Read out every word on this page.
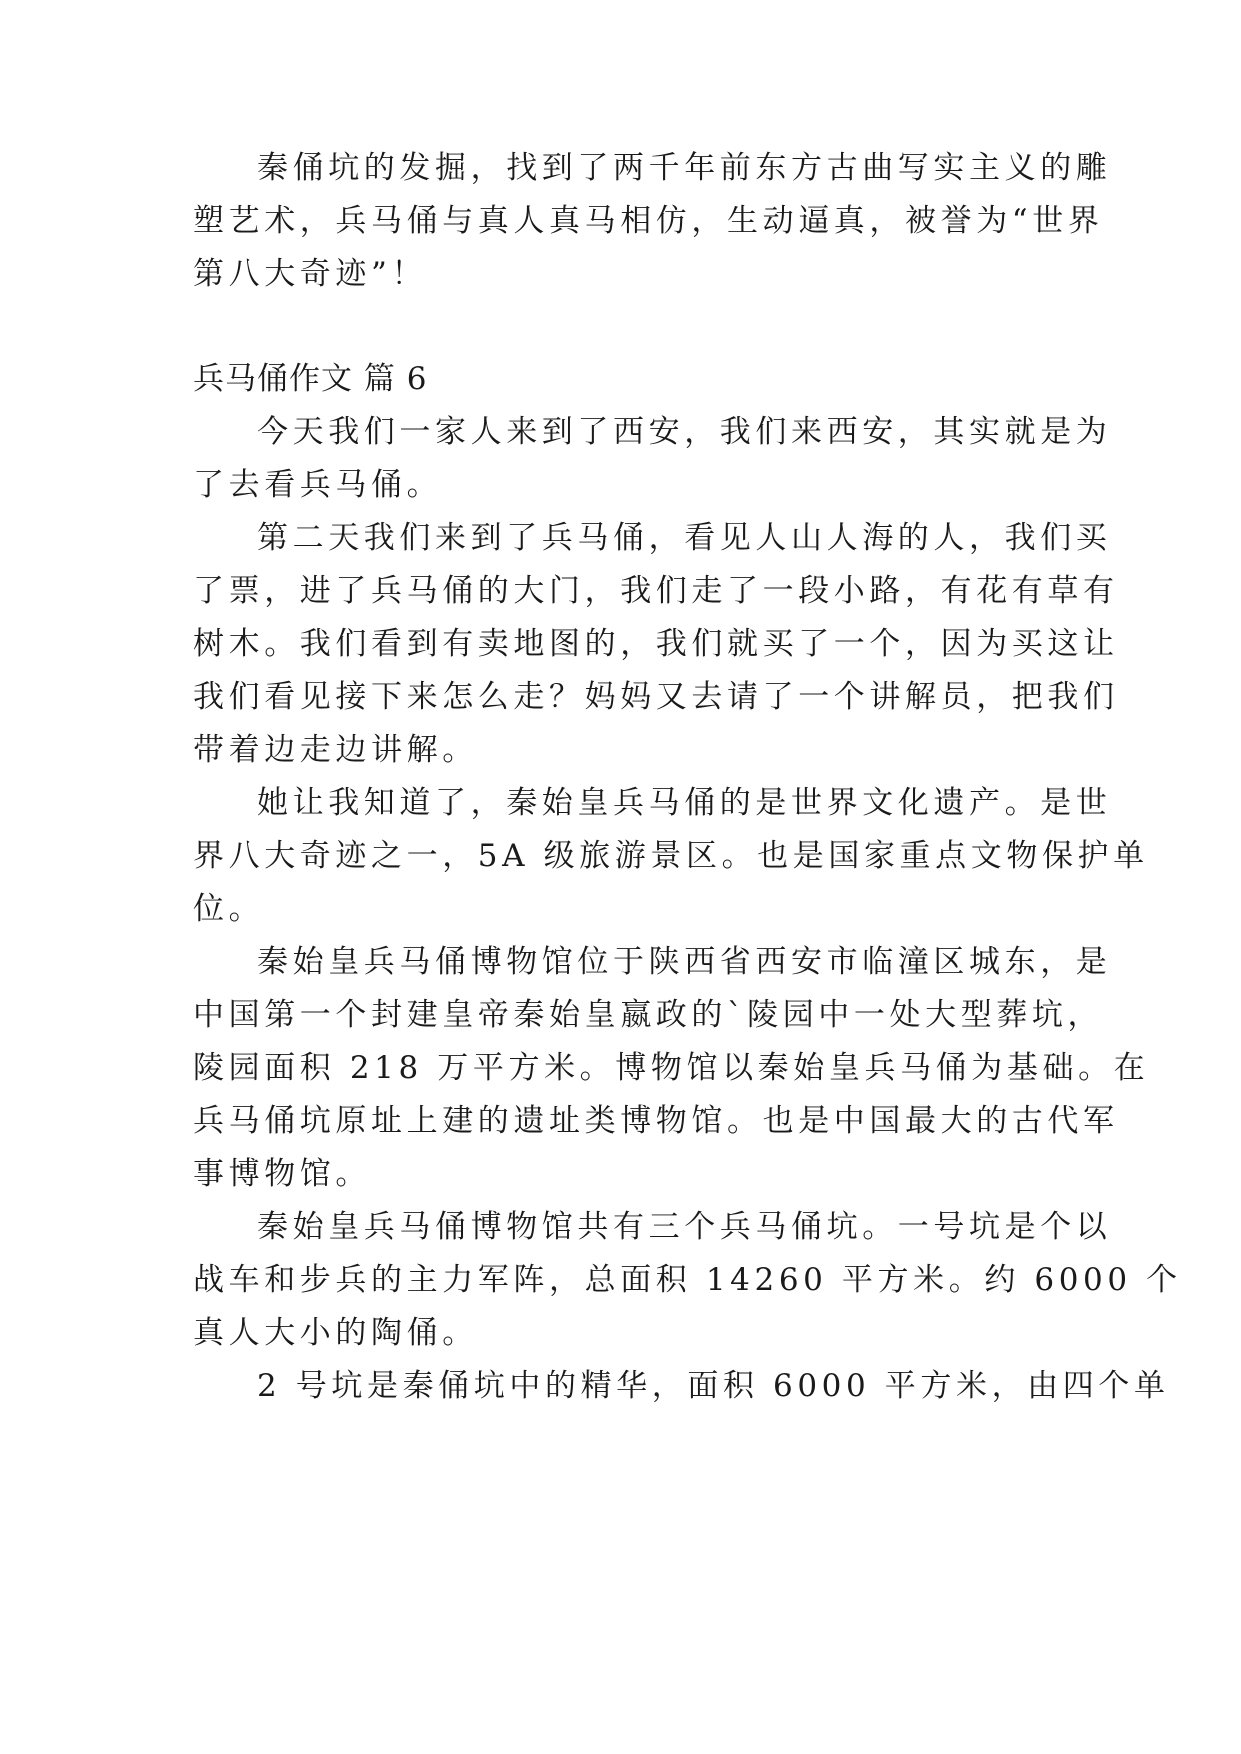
秦俑坑的发掘，找到了两千年前东方古曲写实主义的雕
塑艺术，兵马俑与真人真马相仿，生动逼真，被誉为“世界
第八大奇迹”！
兵马俑作文 篇 6
今天我们一家人来到了西安，我们来西安，其实就是为
了去看兵马俑。
第二天我们来到了兵马俑，看见人山人海的人，我们买
了票，进了兵马俑的大门，我们走了一段小路，有花有草有
树木。我们看到有卖地图的，我们就买了一个，因为买这让
我们看见接下来怎么走？妈妈又去请了一个讲解员，把我们
带着边走边讲解。
她让我知道了，秦始皇兵马俑的是世界文化遗产。是世
界八大奇迹之一，5A 级旅游景区。也是国家重点文物保护单
位。
秦始皇兵马俑博物馆位于陕西省西安市临潼区城东，是
中国第一个封建皇帝秦始皇嬴政的`陵园中一处大型葬坑，
陵园面积 218 万平方米。博物馆以秦始皇兵马俑为基础。在
兵马俑坑原址上建的遗址类博物馆。也是中国最大的古代军
事博物馆。
秦始皇兵马俑博物馆共有三个兵马俑坑。一号坑是个以
战车和步兵的主力军阵，总面积 14260 平方米。约 6000 个
真人大小的陶俑。
2 号坑是秦俑坑中的精华，面积 6000 平方米，由四个单
